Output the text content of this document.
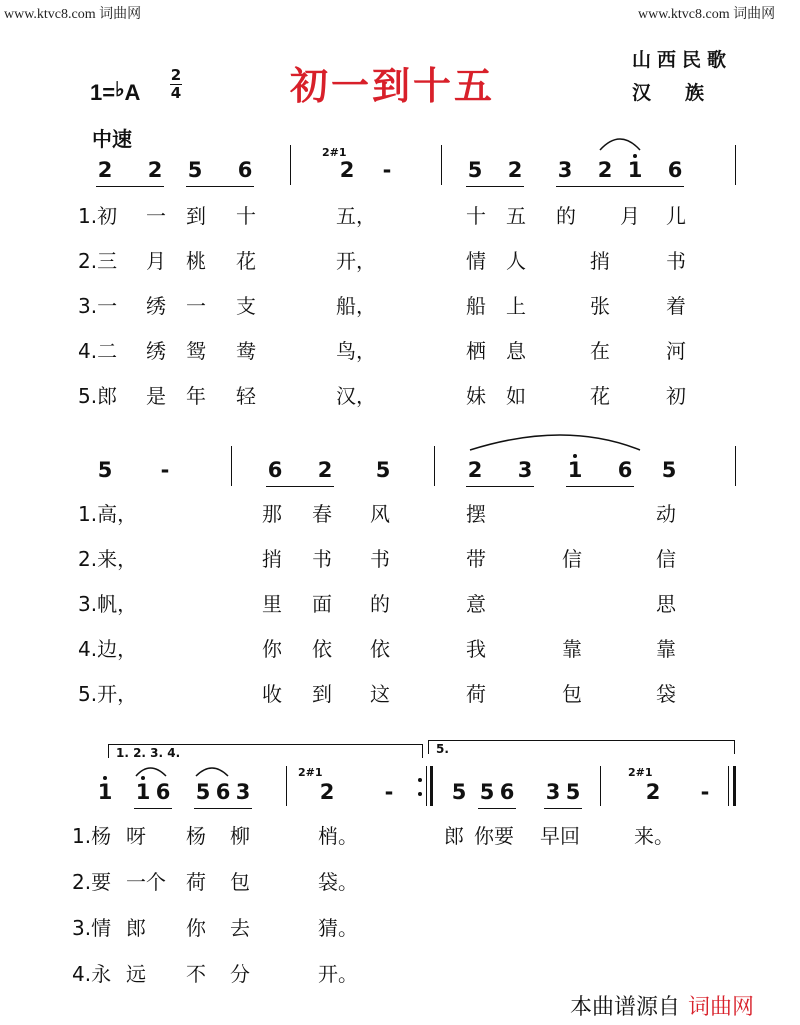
www.ktvc8.com 词曲网	www.ktvc8.com 词曲网
初一到十五
山西民歌
汉族
1=♭A
2
4
中速
2 2 5 6
2#1
2 -	5 2 3 2 1 6
1.初 一 到 十	五，	十 五 的 月 儿
2.三 月 桃 花	开，	情 人	捎	书
3.一 绣 一 支	船，	船 上	张	着
4.二 绣 鸳 鸯	鸟，	栖 息	在	河
5.郎 是 年 轻	汉，	妹 如	花	初
5 -	6 2 5	2 3 1 6 5
1.高，	那 春 风	摆	动
2.来，	捎 书 书	带	信	信
3.帆，	里 面 的	意	思
4.边，	你 依 依	我	靠	靠
5.开，	收 到 这	荷	包	袋
1. 2. 3. 4.	5.
1 1 6 5 6 3
2#1
2 -	5 5 6 3 5
2#1
2 -
1.杨 呀 杨 柳	梢。	郎 你要 早回	来。
2.要 一个 荷 包	袋。
3.情 郎 你 去	猜。
4.永 远 不 分	开。
本曲谱源自 词曲网
